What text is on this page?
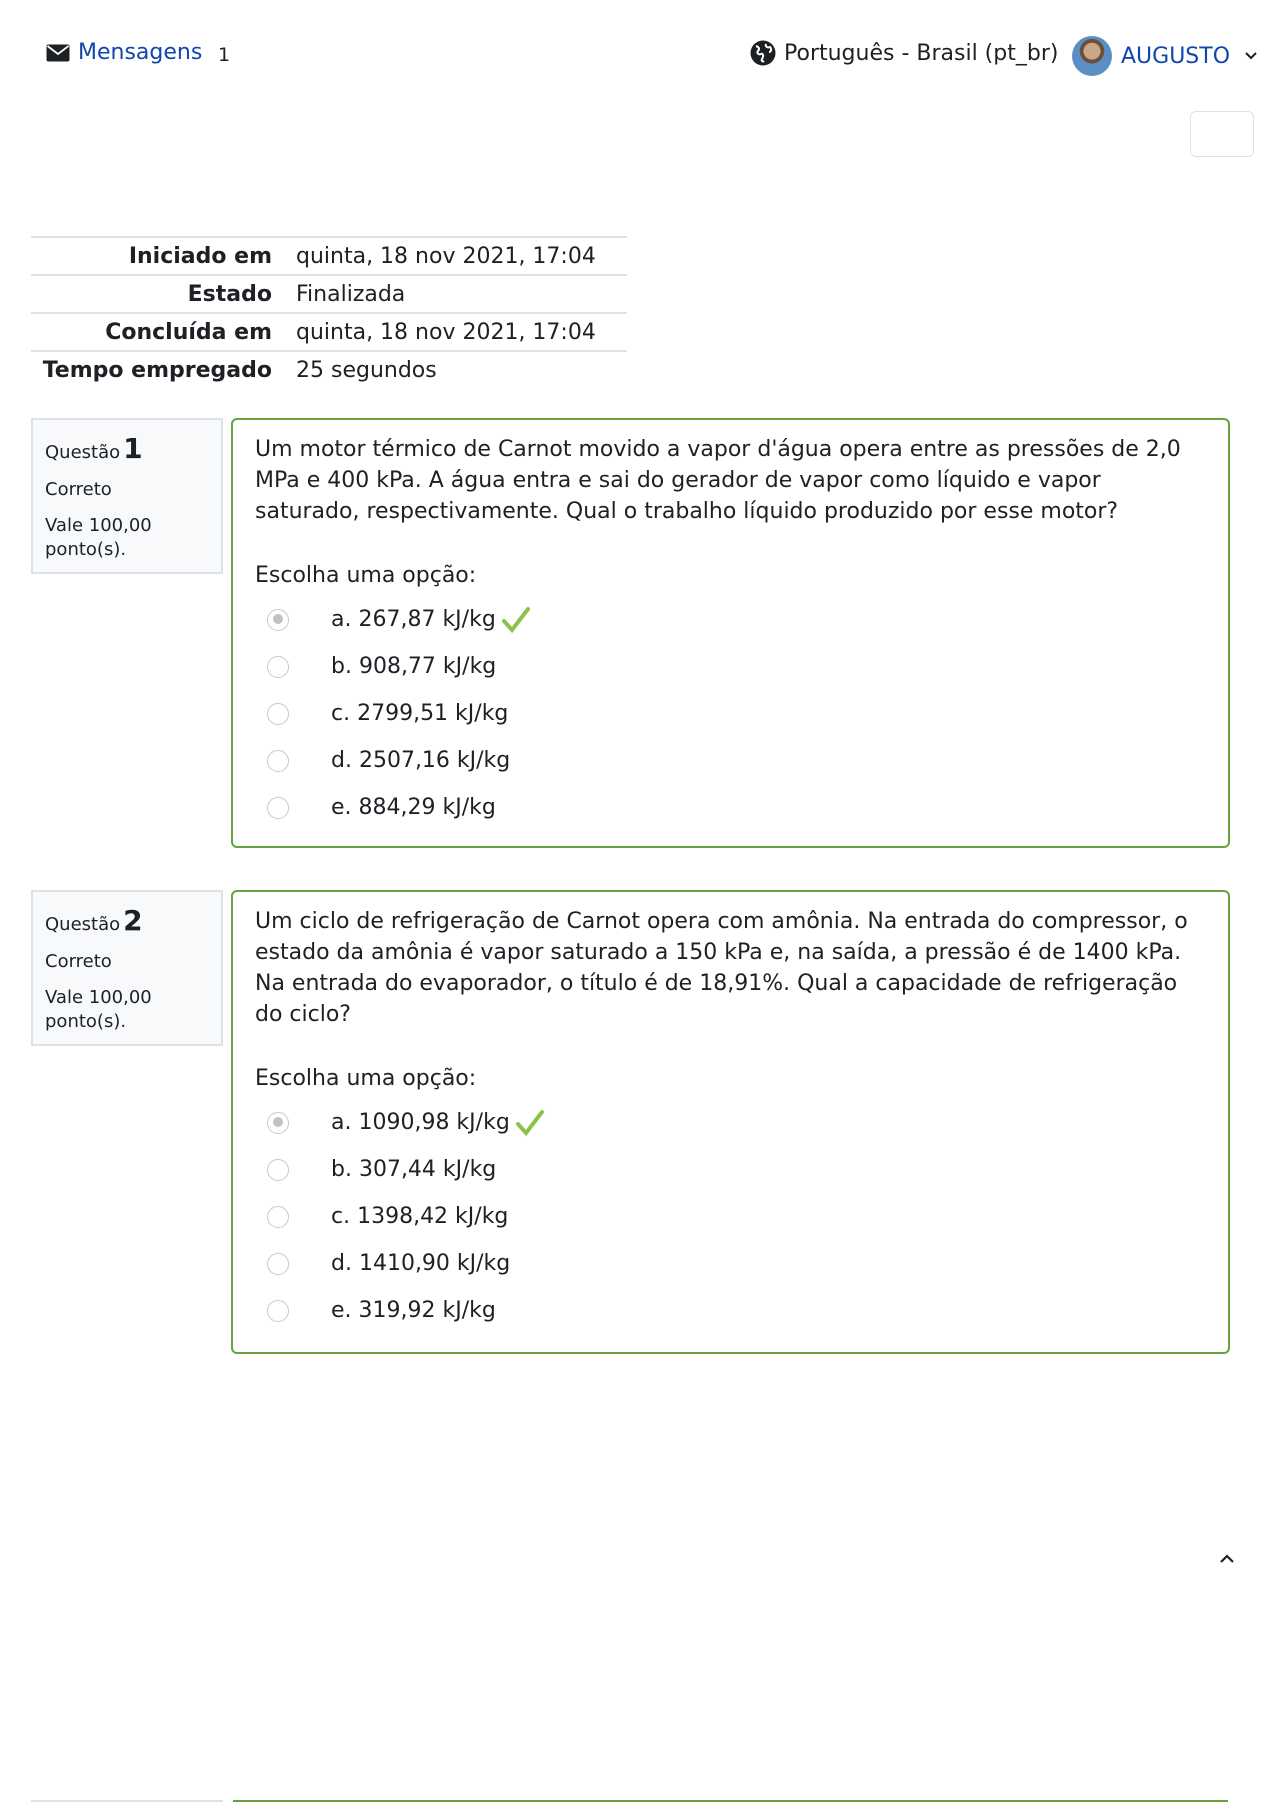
Mensagens 1	Português - Brasil (pt_br)	AUGUSTO
Iniciado em	quinta, 18 nov 2021, 17:04
Estado	Finalizada
Concluída em	quinta, 18 nov 2021, 17:04
Tempo empregado	25 segundos
Questão 1
Correto
Vale 100,00 ponto(s).
Um motor térmico de Carnot movido a vapor d'água opera entre as pressões de 2,0 MPa e 400 kPa. A água entra e sai do gerador de vapor como líquido e vapor saturado, respectivamente. Qual o trabalho líquido produzido por esse motor?
Escolha uma opção:
a. 267,87 kJ/kg
b. 908,77 kJ/kg
c. 2799,51 kJ/kg
d. 2507,16 kJ/kg
e. 884,29 kJ/kg
Questão 2
Correto
Vale 100,00 ponto(s).
Um ciclo de refrigeração de Carnot opera com amônia. Na entrada do compressor, o estado da amônia é vapor saturado a 150 kPa e, na saída, a pressão é de 1400 kPa. Na entrada do evaporador, o título é de 18,91%. Qual a capacidade de refrigeração do ciclo?
Escolha uma opção:
a. 1090,98 kJ/kg
b. 307,44 kJ/kg
c. 1398,42 kJ/kg
d. 1410,90 kJ/kg
e. 319,92 kJ/kg
